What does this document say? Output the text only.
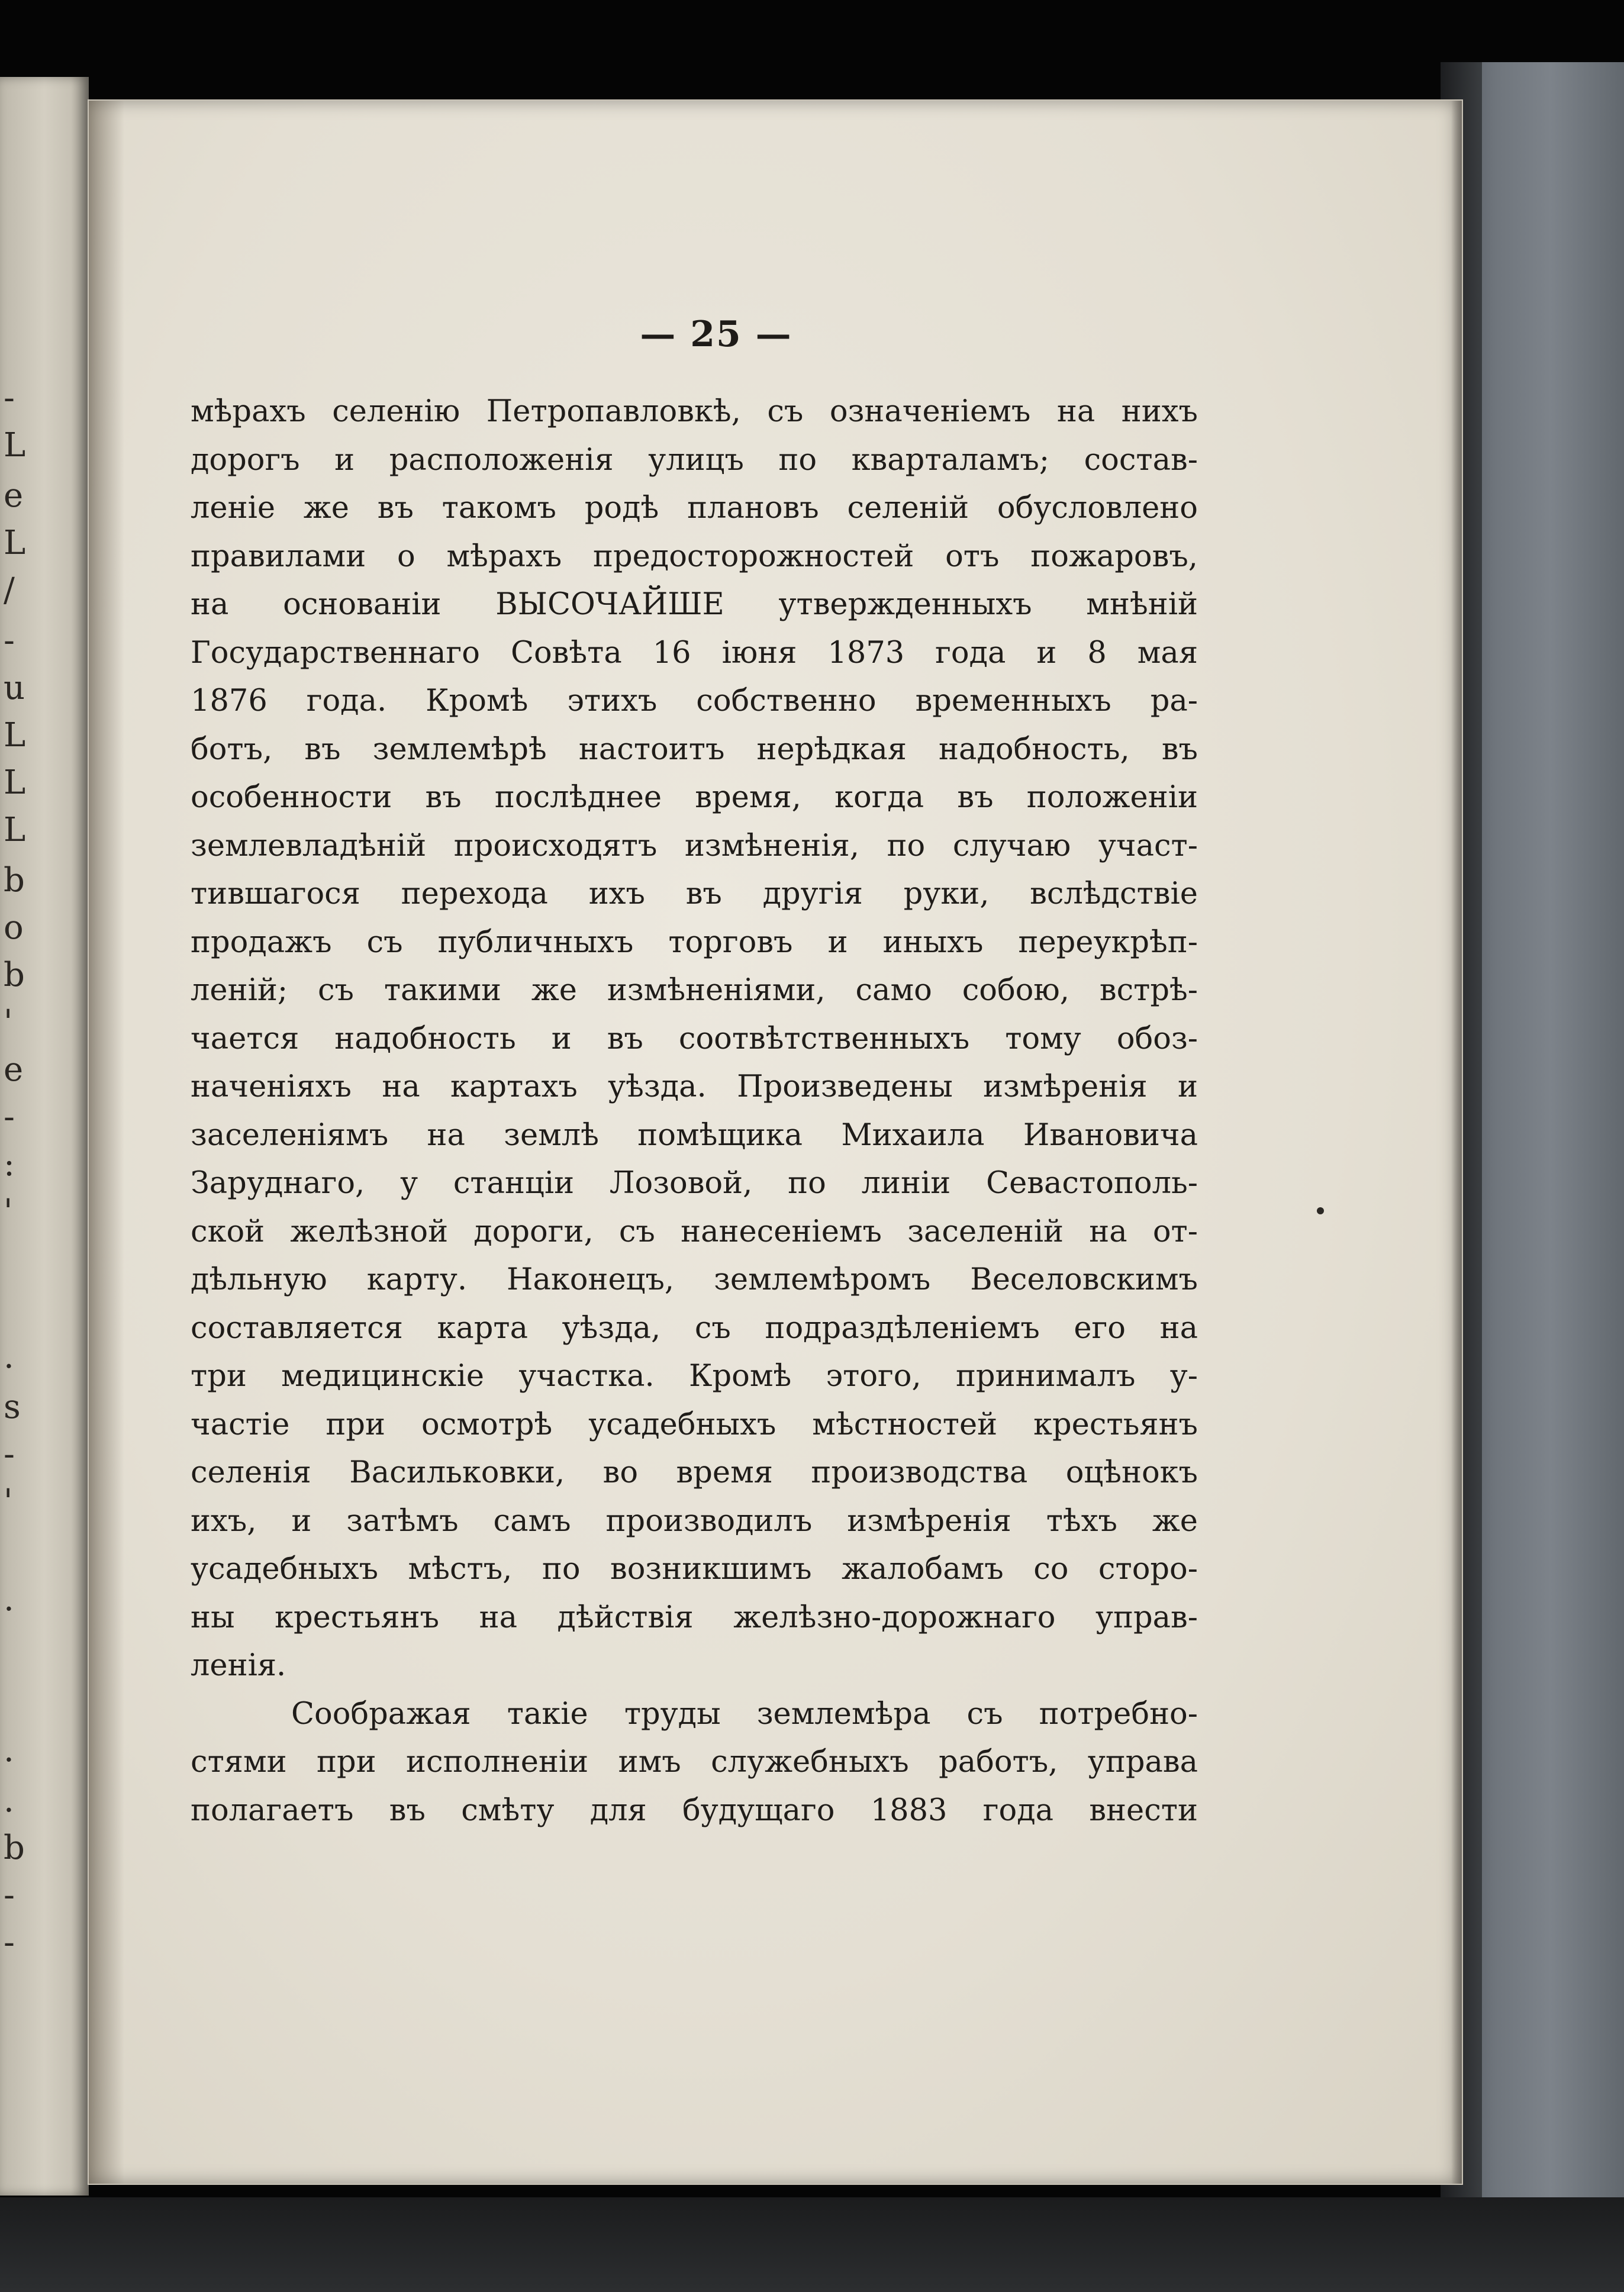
-
L
e
L
/
-
u
L
L
L
b
o
b
'
e
-
:
'
.
s
-
'
.
.
.
b
-
-
— 25 —
мѣрахъ селенію Петропавловкѣ, съ означеніемъ на нихъ
дорогъ и расположенія улицъ по кварталамъ; состав-
леніе же въ такомъ родѣ плановъ селеній обусловлено
правилами о мѣрахъ предосторожностей отъ пожаровъ,
на основаніи ВЫСОЧАЙШЕ утвержденныхъ мнѣній
Государственнаго Совѣта 16 іюня 1873 года и 8 мая
1876 года. Кромѣ этихъ собственно временныхъ ра-
ботъ, въ землемѣрѣ настоитъ нерѣдкая надобность, въ
особенности въ послѣднее время, когда въ положеніи
землевладѣній происходятъ измѣненія, по случаю участ-
тившагося перехода ихъ въ другія руки, вслѣдствіе
продажъ съ публичныхъ торговъ и иныхъ переукрѣп-
леній; съ такими же измѣненіями, само собою, встрѣ-
чается надобность и въ соотвѣтственныхъ тому обоз-
наченіяхъ на картахъ уѣзда. Произведены измѣренія и
заселеніямъ на землѣ помѣщика Михаила Ивановича
Заруднаго, у станціи Лозовой, по линіи Севастополь-
ской желѣзной дороги, съ нанесеніемъ заселеній на от-
дѣльную карту. Наконецъ, землемѣромъ Веселовскимъ
составляется карта уѣзда, съ подраздѣленіемъ его на
три медицинскіе участка. Кромѣ этого, принималъ у-
частіе при осмотрѣ усадебныхъ мѣстностей крестьянъ
селенія Васильковки, во время производства оцѣнокъ
ихъ, и затѣмъ самъ производилъ измѣренія тѣхъ же
усадебныхъ мѣстъ, по возникшимъ жалобамъ со сторо-
ны крестьянъ на дѣйствія желѣзно-дорожнаго управ-
ленія.
Соображая такіе труды землемѣра съ потребно-
стями при исполненіи имъ служебныхъ работъ, управа
полагаетъ въ смѣту для будущаго 1883 года внести
